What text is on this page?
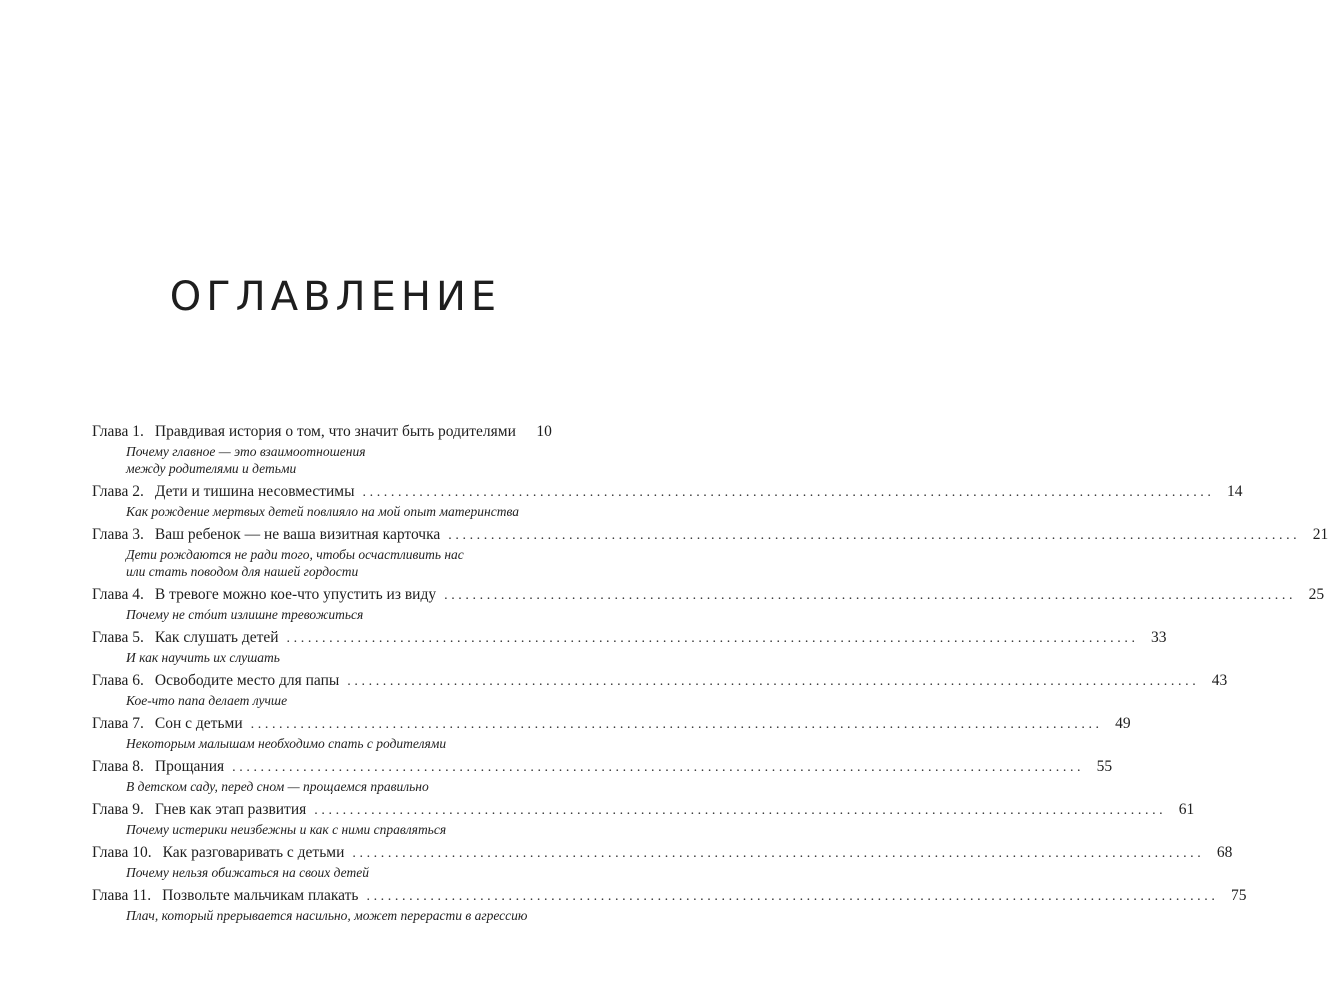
ОГЛАВЛЕНИЕ
Глава 1. Правдивая история о том, что значит быть родителями 10
Почему главное — это взаимоотношения
между родителями и детьми
Глава 2. Дети и тишина несовместимы ........................................................................................................................ 14
Как рождение мертвых детей повлияло на мой опыт материнства
Глава 3. Ваш ребенок — не ваша визитная карточка ........................................................................................................................ 21
Дети рождаются не ради того, чтобы осчастливить нас
или стать поводом для нашей гордости
Глава 4. В тревоге можно кое-что упустить из виду ........................................................................................................................ 25
Почему не стóит излишне тревожиться
Глава 5. Как слушать детей ........................................................................................................................ 33
И как научить их слушать
Глава 6. Освободите место для папы ........................................................................................................................ 43
Кое-что папа делает лучше
Глава 7. Сон с детьми ........................................................................................................................ 49
Некоторым малышам необходимо спать с родителями
Глава 8. Прощания ........................................................................................................................ 55
В детском саду, перед сном — прощаемся правильно
Глава 9. Гнев как этап развития ........................................................................................................................ 61
Почему истерики неизбежны и как с ними справляться
Глава 10. Как разговаривать с детьми ........................................................................................................................ 68
Почему нельзя обижаться на своих детей
Глава 11. Позвольте мальчикам плакать ........................................................................................................................ 75
Плач, который прерывается насильно, может перерасти в агрессию
